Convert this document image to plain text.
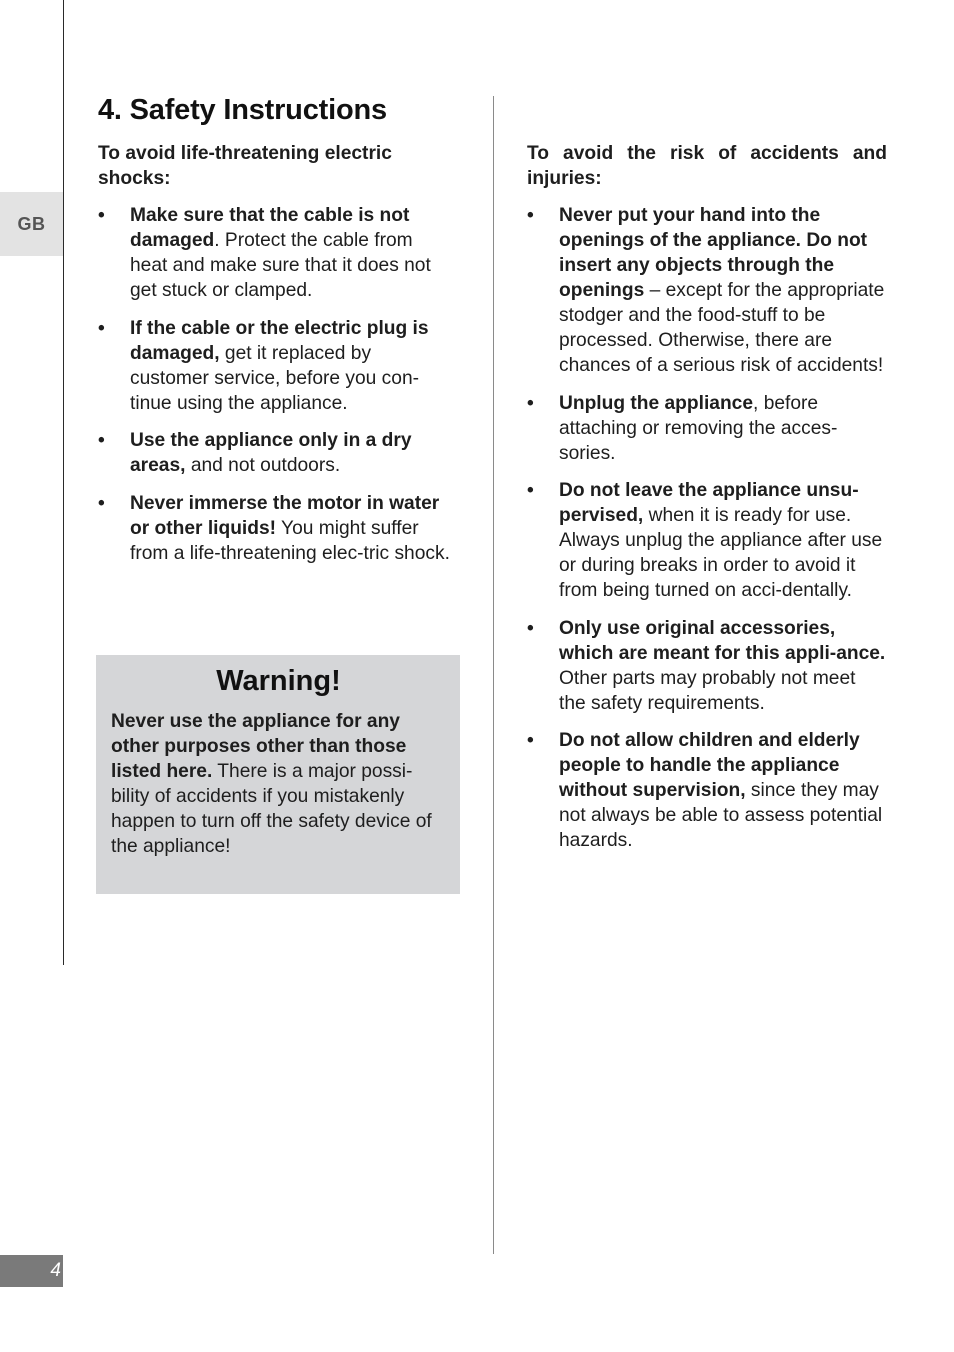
GB
4. Safety Instructions

To avoid life-threatening electric shocks:

• Make sure that the cable is not damaged. Protect the cable from heat and make sure that it does not get stuck or clamped.
• If the cable or the electric plug is damaged, get it replaced by customer service, before you con-tinue using the appliance.
• Use the appliance only in a dry areas, and not outdoors.
• Never immerse the motor in water or other liquids! You might suffer from a life-threatening elec-tric shock.
Warning!

Never use the appliance for any other purposes other than those listed here. There is a major possi-bility of accidents if you mistakenly happen to turn off the safety device of the appliance!

To avoid the risk of accidents and injuries:

• Never put your hand into the openings of the appliance. Do not insert any objects through the openings – except for the appropriate stodger and the food-stuff to be processed. Otherwise, there are chances of a serious risk of accidents!
• Unplug the appliance, before attaching or removing the acces-sories.
• Do not leave the appliance unsu-pervised, when it is ready for use. Always unplug the appliance after use or during breaks in order to avoid it from being turned on acci-dentally.
• Only use original accessories, which are meant for this appli-ance. Other parts may probably not meet the safety requirements.
• Do not allow children and elderly people to handle the appliance without supervision, since they may not always be able to assess potential hazards.
4
